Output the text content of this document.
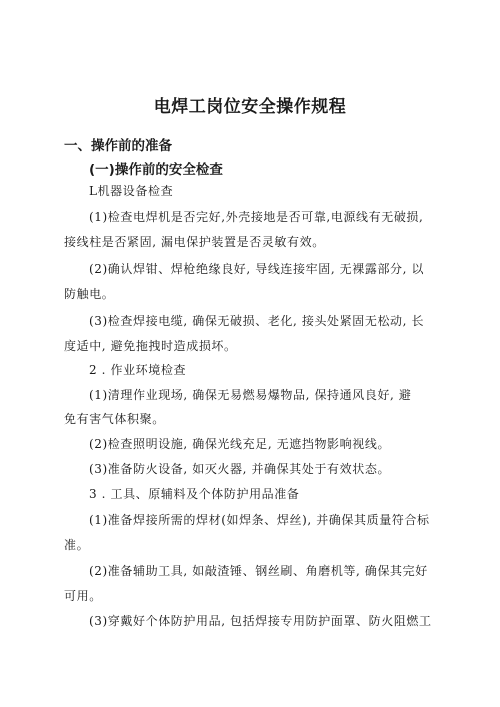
电焊工岗位安全操作规程
一、操作前的准备
(一)操作前的安全检查
L机器设备检查
(1)检查电焊机是否完好,外壳接地是否可靠,电源线有无破损,
接线柱是否紧固, 漏电保护装置是否灵敏有效。
(2)确认焊钳、焊枪绝缘良好, 导线连接牢固, 无裸露部分, 以
防触电。
(3)检查焊接电缆, 确保无破损、老化, 接头处紧固无松动, 长
度适中, 避免拖拽时造成损坏。
2 . 作业环境检查
(1)清理作业现场, 确保无易燃易爆物品, 保持通风良好, 避
免有害气体积聚。
(2)检查照明设施, 确保光线充足, 无遮挡物影响视线。
(3)准备防火设备, 如灭火器, 并确保其处于有效状态。
3 . 工具、原辅料及个体防护用品准备
(1)准备焊接所需的焊材(如焊条、焊丝), 并确保其质量符合标
准。
(2)准备辅助工具, 如敲渣锤、钢丝刷、角磨机等, 确保其完好
可用。
(3)穿戴好个体防护用品, 包括焊接专用防护面罩、防火阻燃工
